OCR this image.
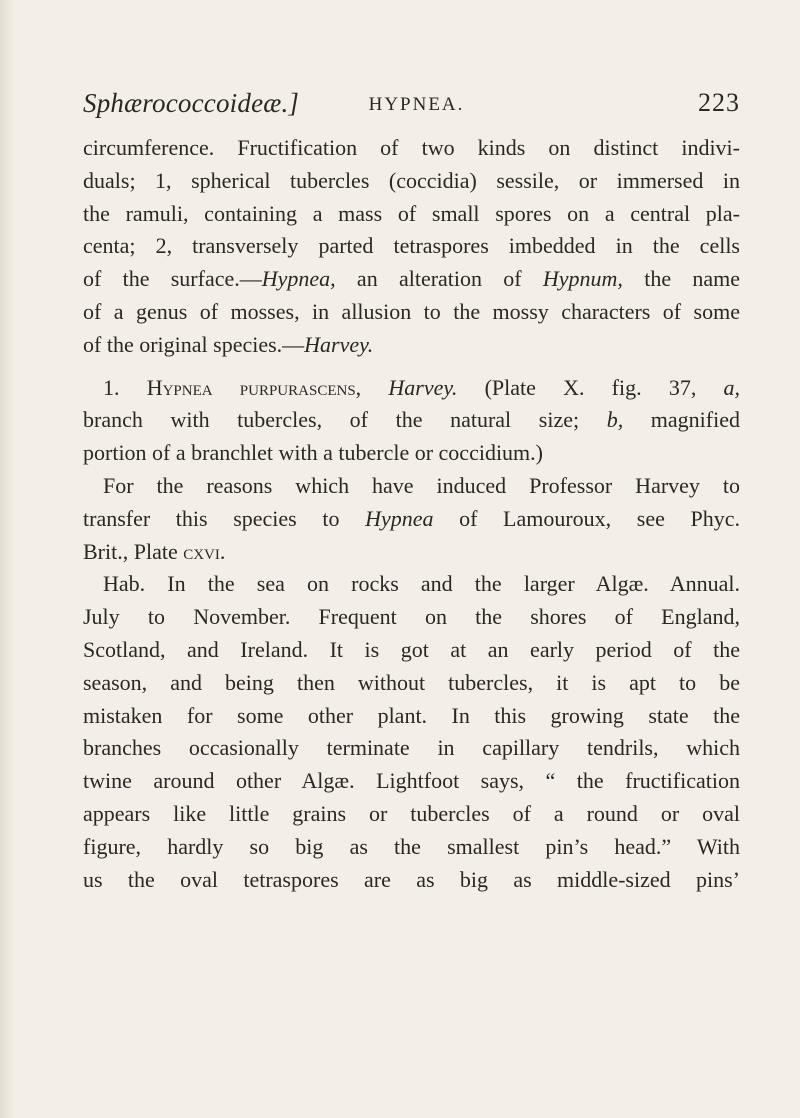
Sphærococcoideæ.]	HYPNEA.	223
circumference. Fructification of two kinds on distinct indivi-
duals; 1, spherical tubercles (coccidia) sessile, or immersed in
the ramuli, containing a mass of small spores on a central pla-
centa; 2, transversely parted tetraspores imbedded in the cells
of the surface.—Hypnea, an alteration of Hypnum, the name
of a genus of mosses, in allusion to the mossy characters of some
of the original species.—Harvey.
1. Hypnea purpurascens, Harvey. (Plate X. fig. 37, a,
branch with tubercles, of the natural size; b, magnified
portion of a branchlet with a tubercle or coccidium.)
For the reasons which have induced Professor Harvey to
transfer this species to Hypnea of Lamouroux, see Phyc.
Brit., Plate cxvi.
Hab. In the sea on rocks and the larger Algæ. Annual.
July to November. Frequent on the shores of England,
Scotland, and Ireland. It is got at an early period of the
season, and being then without tubercles, it is apt to be
mistaken for some other plant. In this growing state the
branches occasionally terminate in capillary tendrils, which
twine around other Algæ. Lightfoot says, “ the fructification
appears like little grains or tubercles of a round or oval
figure, hardly so big as the smallest pin’s head.” With
us the oval tetraspores are as big as middle-sized pins’
